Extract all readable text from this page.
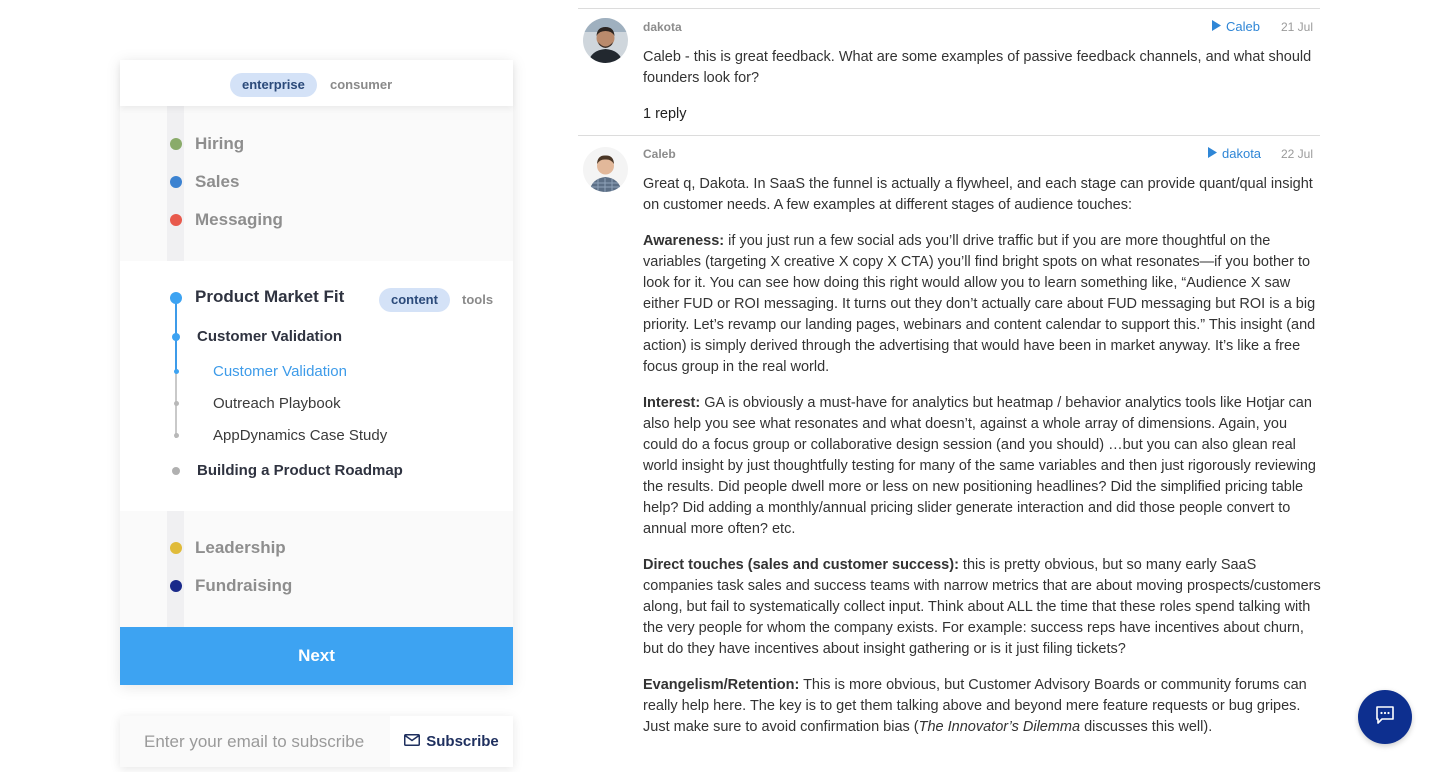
enterprise	consumer
Hiring
Sales
Messaging
Product Market Fit	content	tools
Customer Validation
Customer Validation
Outreach Playbook
AppDynamics Case Study
Building a Product Roadmap
Leadership
Fundraising
Next
Enter your email to subscribe
Subscribe
dakota	Caleb 21 Jul

Caleb - this is great feedback. What are some examples of passive feedback channels, and what should founders look for?

1 reply
Caleb	dakota 22 Jul

Great q, Dakota. In SaaS the funnel is actually a flywheel, and each stage can provide quant/qual insight on customer needs. A few examples at different stages of audience touches:

Awareness: if you just run a few social ads you’ll drive traffic but if you are more thoughtful on the variables (targeting X creative X copy X CTA) you’ll find bright spots on what resonates—if you bother to look for it. You can see how doing this right would allow you to learn something like, “Audience X saw either FUD or ROI messaging. It turns out they don’t actually care about FUD messaging but ROI is a big priority. Let’s revamp our landing pages, webinars and content calendar to support this.” This insight (and action) is simply derived through the advertising that would have been in market anyway. It’s like a free focus group in the real world.

Interest: GA is obviously a must-have for analytics but heatmap / behavior analytics tools like Hotjar can also help you see what resonates and what doesn’t, against a whole array of dimensions. Again, you could do a focus group or collaborative design session (and you should) …but you can also glean real world insight by just thoughtfully testing for many of the same variables and then just rigorously reviewing the results. Did people dwell more or less on new positioning headlines? Did the simplified pricing table help? Did adding a monthly/annual pricing slider generate interaction and did those people convert to annual more often? etc.

Direct touches (sales and customer success): this is pretty obvious, but so many early SaaS companies task sales and success teams with narrow metrics that are about moving prospects/customers along, but fail to systematically collect input. Think about ALL the time that these roles spend talking with the very people for whom the company exists. For example: success reps have incentives about churn, but do they have incentives about insight gathering or is it just filing tickets?

Evangelism/Retention: This is more obvious, but Customer Advisory Boards or community forums can really help here. The key is to get them talking above and beyond mere feature requests or bug gripes. Just make sure to avoid confirmation bias (The Innovator’s Dilemma discusses this well).
